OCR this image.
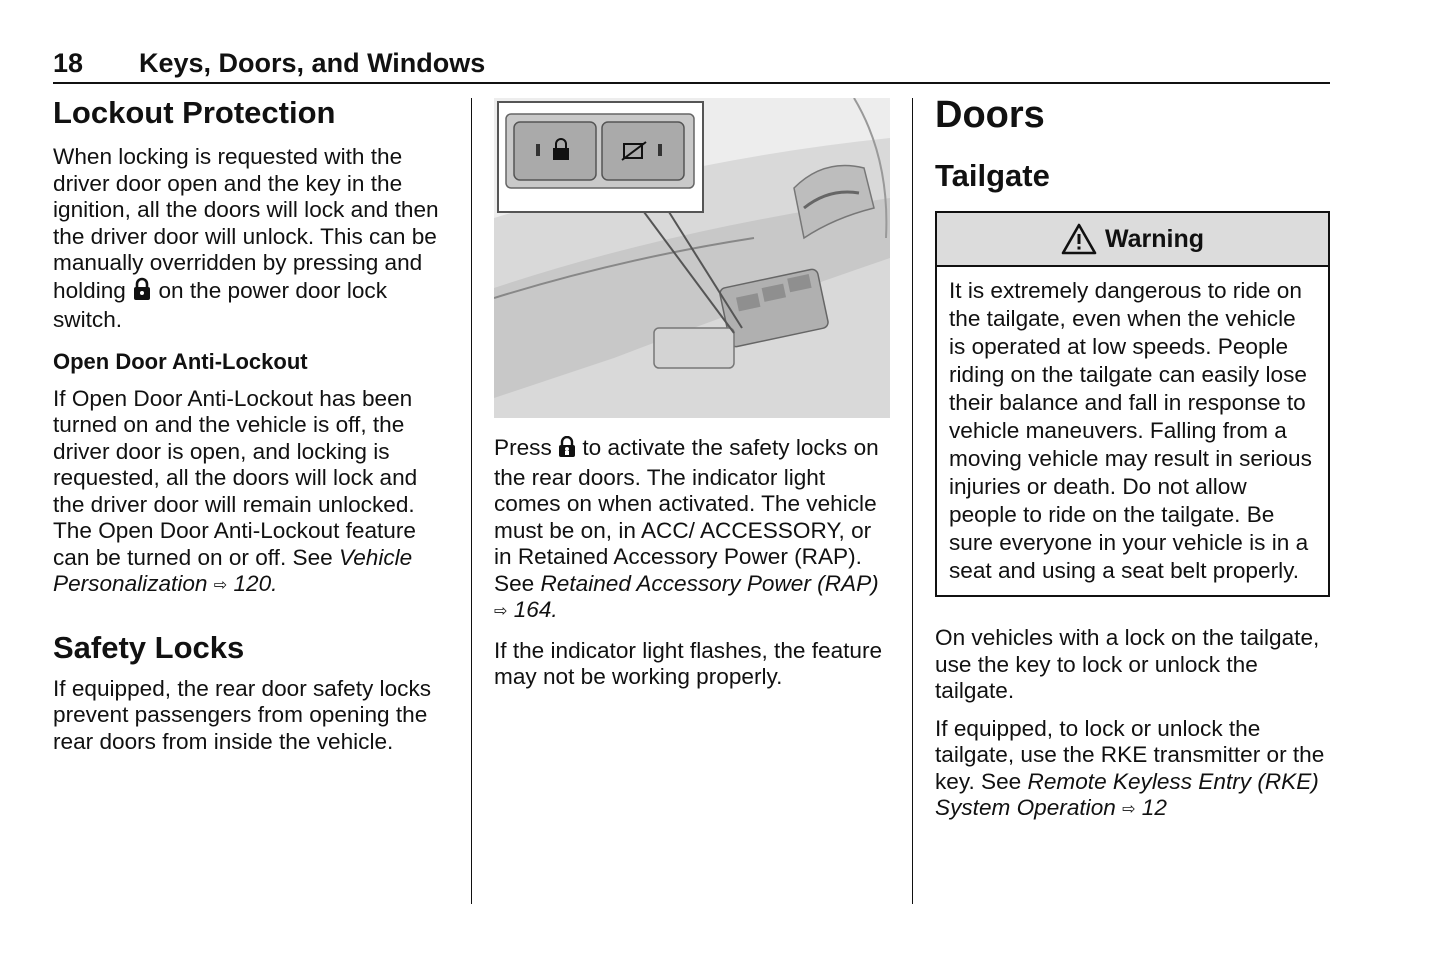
18 Keys, Doors, and Windows
Lockout Protection

When locking is requested with the driver door open and the key in the ignition, all the doors will lock and then the driver door will unlock. This can be manually overridden by pressing and holding on the power door lock switch.

Open Door Anti-Lockout

If Open Door Anti-Lockout has been turned on and the vehicle is off, the driver door is open, and locking is requested, all the doors will lock and the driver door will remain unlocked. The Open Door Anti-Lockout feature can be turned on or off. See Vehicle Personalization ⇨ 120.

Safety Locks

If equipped, the rear door safety locks prevent passengers from opening the rear doors from inside the vehicle.

Press to activate the safety locks on the rear doors. The indicator light comes on when activated. The vehicle must be on, in ACC/ ACCESSORY, or in Retained Accessory Power (RAP). See Retained Accessory Power (RAP)
⇨ 164.

If the indicator light flashes, the feature may not be working properly.

Doors
Tailgate
Warning
It is extremely dangerous to ride on the tailgate, even when the vehicle is operated at low speeds. People riding on the tailgate can easily lose their balance and fall in response to vehicle maneuvers. Falling from a moving vehicle may result in serious injuries or death. Do not allow people to ride on the tailgate. Be sure everyone in your vehicle is in a seat and using a seat belt properly.

On vehicles with a lock on the tailgate, use the key to lock or unlock the tailgate.

If equipped, to lock or unlock the tailgate, use the RKE transmitter or the key. See Remote Keyless Entry (RKE) System Operation ⇨ 12
